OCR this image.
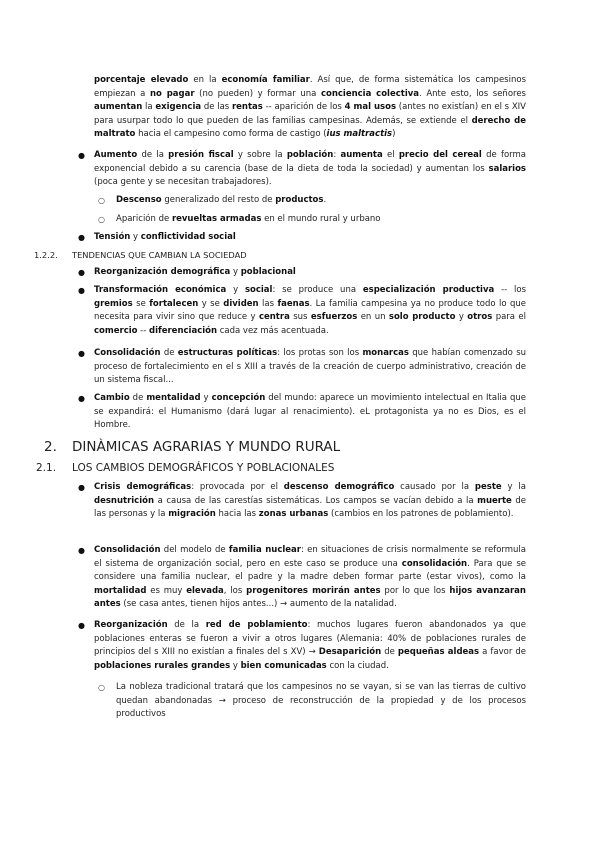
porcentaje elevado en la economía familiar. Así que, de forma sistemática los campesinos empiezan a no pagar (no pueden) y formar una conciencia colectiva. Ante esto, los señores aumentan la exigencia de las rentas -- aparición de los 4 mal usos (antes no existían) en el s XIV para usurpar todo lo que pueden de las familias campesinas. Además, se extiende el derecho de maltrato hacia el campesino como forma de castigo (ius maltractis)
● Aumento de la presión fiscal y sobre la población: aumenta el precio del cereal de forma exponencial debido a su carencia (base de la dieta de toda la sociedad) y aumentan los salarios (poca gente y se necesitan trabajadores).
○ Descenso generalizado del resto de productos.
○ Aparición de revueltas armadas en el mundo rural y urbano
● Tensión y conflictividad social
1.2.2. TENDENCIAS QUE CAMBIAN LA SOCIEDAD
● Reorganización demográfica y poblacional
● Transformación económica y social: se produce una especialización productiva -- los gremios se fortalecen y se dividen las faenas. La familia campesina ya no produce todo lo que necesita para vivir sino que reduce y centra sus esfuerzos en un solo producto y otros para el comercio -- diferenciación cada vez más acentuada.
● Consolidación de estructuras políticas: los protas son los monarcas que habían comenzado su proceso de fortalecimiento en el s XIII a través de la creación de cuerpo administrativo, creación de un sistema fiscal...
● Cambio de mentalidad y concepción del mundo: aparece un movimiento intelectual en Italia que se expandirá: el Humanismo (dará lugar al renacimiento). eL protagonista ya no es Dios, es el Hombre.
2. DINÀMICAS AGRARIAS Y MUNDO RURAL
2.1. LOS CAMBIOS DEMOGRÁFICOS Y POBLACIONALES
● Crisis demográficas: provocada por el descenso demográfico causado por la peste y la desnutrición a causa de las carestías sistemáticas. Los campos se vacían debido a la muerte de las personas y la migración hacia las zonas urbanas (cambios en los patrones de poblamiento).
● Consolidación del modelo de familia nuclear: en situaciones de crisis normalmente se reformula el sistema de organización social, pero en este caso se produce una consolidación. Para que se considere una familia nuclear, el padre y la madre deben formar parte (estar vivos), como la mortalidad es muy elevada, los progenitores morirán antes por lo que los hijos avanzaran antes (se casa antes, tienen hijos antes...) → aumento de la natalidad.
● Reorganización de la red de poblamiento: muchos lugares fueron abandonados ya que poblaciones enteras se fueron a vivir a otros lugares (Alemania: 40% de poblaciones rurales de principios del s XIII no existían a finales del s XV) → Desaparición de pequeñas aldeas a favor de poblaciones rurales grandes y bien comunicadas con la ciudad.
○ La nobleza tradicional tratará que los campesinos no se vayan, si se van las tierras de cultivo quedan abandonadas → proceso de reconstrucción de la propiedad y de los procesos productivos
